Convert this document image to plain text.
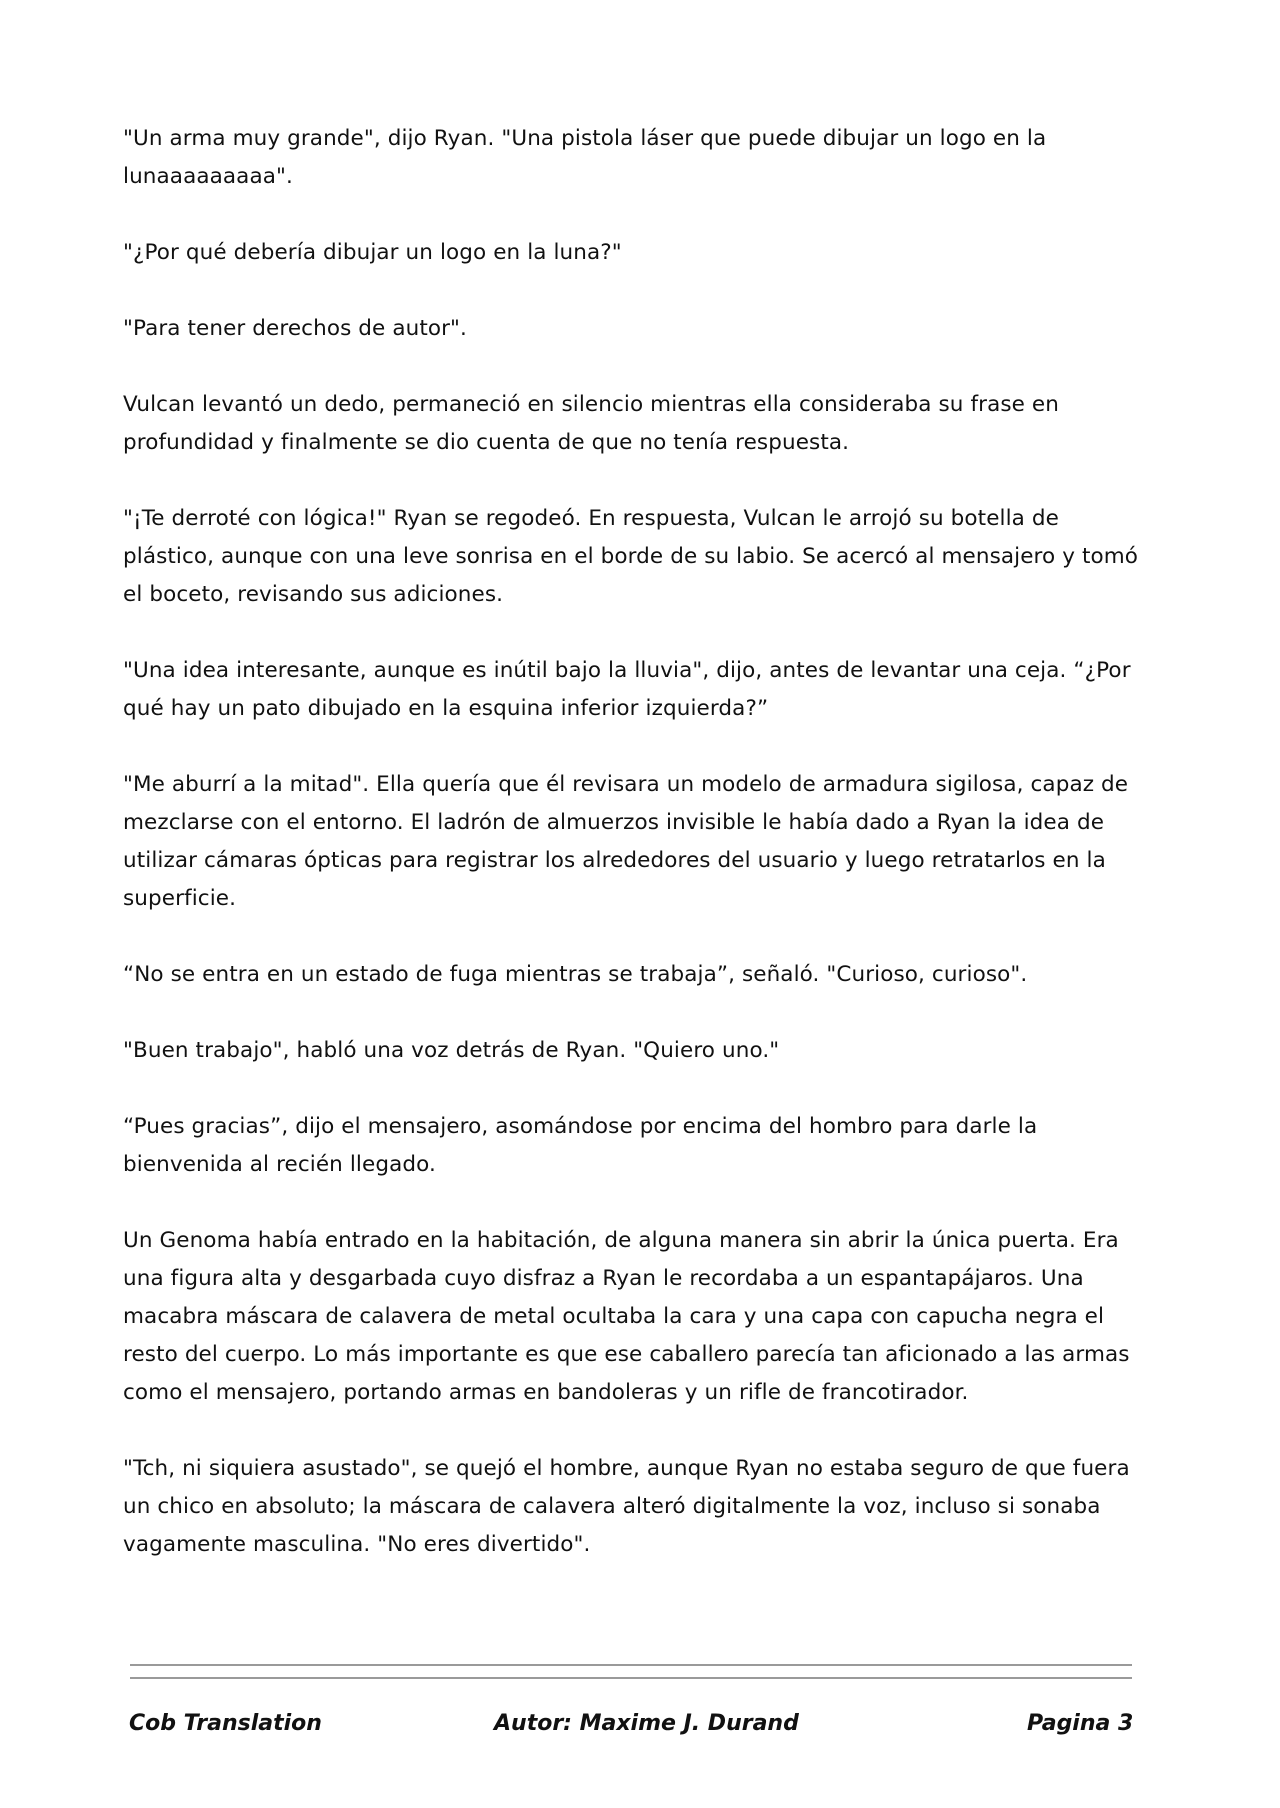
"Un arma muy grande", dijo Ryan. "Una pistola láser que puede dibujar un logo en la lunaaaaaaaaa".

"¿Por qué debería dibujar un logo en la luna?"

"Para tener derechos de autor".

Vulcan levantó un dedo, permaneció en silencio mientras ella consideraba su frase en profundidad y finalmente se dio cuenta de que no tenía respuesta.

"¡Te derroté con lógica!" Ryan se regodeó. En respuesta, Vulcan le arrojó su botella de plástico, aunque con una leve sonrisa en el borde de su labio. Se acercó al mensajero y tomó el boceto, revisando sus adiciones.

"Una idea interesante, aunque es inútil bajo la lluvia", dijo, antes de levantar una ceja. “¿Por qué hay un pato dibujado en la esquina inferior izquierda?”

"Me aburrí a la mitad". Ella quería que él revisara un modelo de armadura sigilosa, capaz de mezclarse con el entorno. El ladrón de almuerzos invisible le había dado a Ryan la idea de utilizar cámaras ópticas para registrar los alrededores del usuario y luego retratarlos en la superficie.

“No se entra en un estado de fuga mientras se trabaja”, señaló. "Curioso, curioso".

"Buen trabajo", habló una voz detrás de Ryan. "Quiero uno."

“Pues gracias”, dijo el mensajero, asomándose por encima del hombro para darle la bienvenida al recién llegado.

Un Genoma había entrado en la habitación, de alguna manera sin abrir la única puerta. Era una figura alta y desgarbada cuyo disfraz a Ryan le recordaba a un espantapájaros. Una macabra máscara de calavera de metal ocultaba la cara y una capa con capucha negra el resto del cuerpo. Lo más importante es que ese caballero parecía tan aficionado a las armas como el mensajero, portando armas en bandoleras y un rifle de francotirador.

"Tch, ni siquiera asustado", se quejó el hombre, aunque Ryan no estaba seguro de que fuera un chico en absoluto; la máscara de calavera alteró digitalmente la voz, incluso si sonaba vagamente masculina. "No eres divertido".

Cob Translation	Autor: Maxime J. Durand	Pagina 3
